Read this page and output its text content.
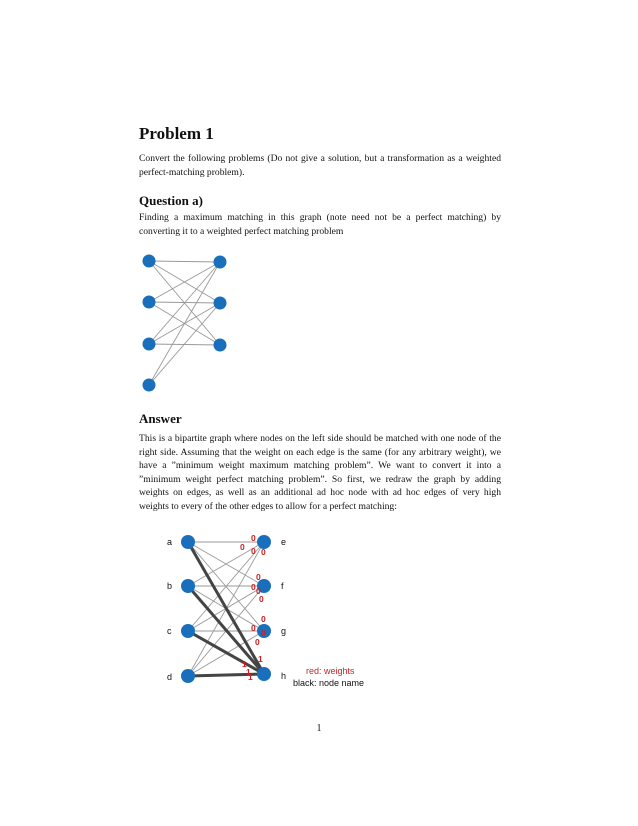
Problem 1

Convert the following problems (Do not give a solution, but a transformation as a weighted perfect-matching problem).

Question a)

Finding a maximum matching in this graph (note need not be a perfect matching) by converting it to a weighted perfect matching problem

Answer

This is a bipartite graph where nodes on the left side should be matched with one node of the right side. Assuming that the weight on each edge is the same (for any arbitrary weight), we have a ”minimum weight maximum matching problem”. We want to convert it into a ”minimum weight perfect matching problem”. So first, we redraw the graph by adding weights on edges, as well as an additional ad hoc node with ad hoc edges of very high weights to every of the other edges to allow for a perfect matching:

a
b
c
d
e
f
g
h
0
0 0 0
0
0 0
0
0
0 0
0
1
1
1
1
red: weights
black: node name
1
